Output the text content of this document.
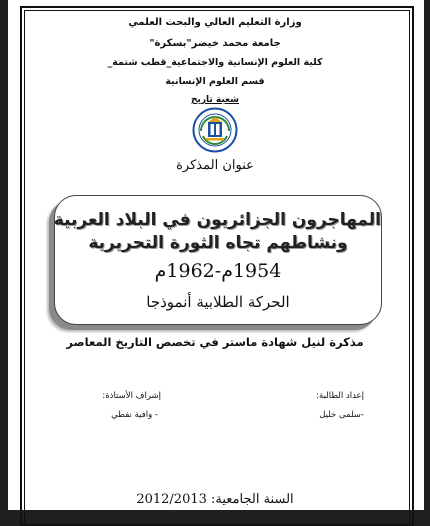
وزارة التعليم العالي والبحث العلمي
جامعة محمد خيضر"بسكرة"
كلية العلوم الإنسانية والاجتماعية_قطب شتمة_
قسم العلوم الإنسانية
شعبة تاريخ
عنوان المذكرة
المهاجرون الجزائريون في البلاد العربية
ونشاطهم تجاه الثورة التحريرية
1954م-1962م
الحركة الطلابية أنموذجا
مذكرة لنيل شهادة ماستر في تخصص التاريخ المعاصر
إعداد الطالبة:
-سلمى خليل
إشراف الأستاذة:
- وافية نفطي
السنة الجامعية: 2012/2013
